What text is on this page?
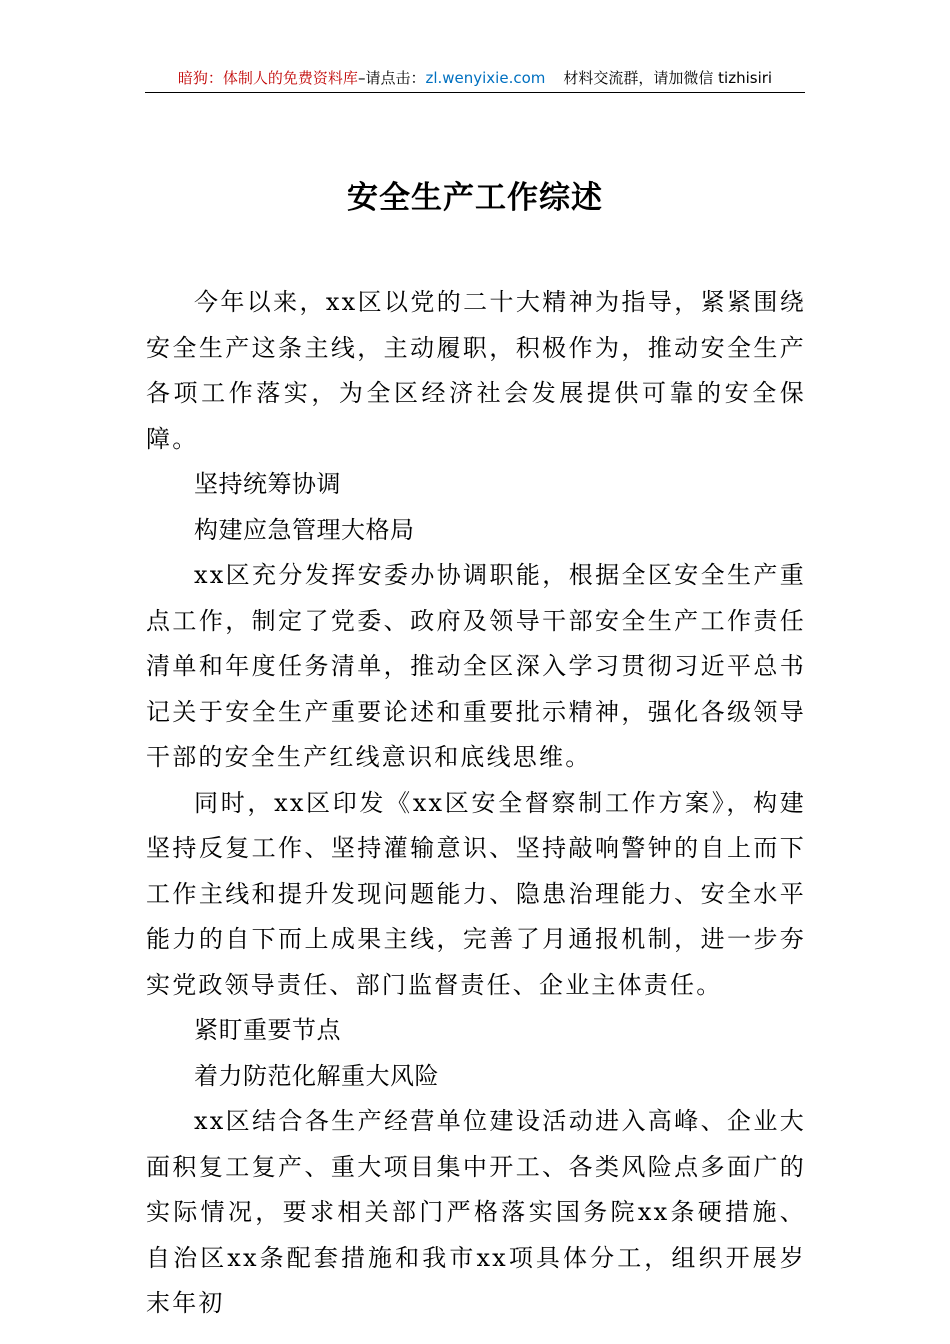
暗狗：体制人的免费资料库–请点击：zl.wenyixie.com 材料交流群，请加微信 tizhisiri
安全生产工作综述

今年以来，xx区以党的二十大精神为指导，紧紧围绕安全生产这条主线，主动履职，积极作为，推动安全生产各项工作落实，为全区经济社会发展提供可靠的安全保障。

坚持统筹协调

构建应急管理大格局

xx区充分发挥安委办协调职能，根据全区安全生产重点工作，制定了党委、政府及领导干部安全生产工作责任清单和年度任务清单，推动全区深入学习贯彻习近平总书记关于安全生产重要论述和重要批示精神，强化各级领导干部的安全生产红线意识和底线思维。

同时，xx区印发《xx区安全督察制工作方案》，构建坚持反复工作、坚持灌输意识、坚持敲响警钟的自上而下工作主线和提升发现问题能力、隐患治理能力、安全水平能力的自下而上成果主线，完善了月通报机制，进一步夯实党政领导责任、部门监督责任、企业主体责任。

紧盯重要节点

着力防范化解重大风险

xx区结合各生产经营单位建设活动进入高峰、企业大面积复工复产、重大项目集中开工、各类风险点多面广的实际情况，要求相关部门严格落实国务院xx条硬措施、自治区xx条配套措施和我市xx项具体分工，组织开展岁末年初
